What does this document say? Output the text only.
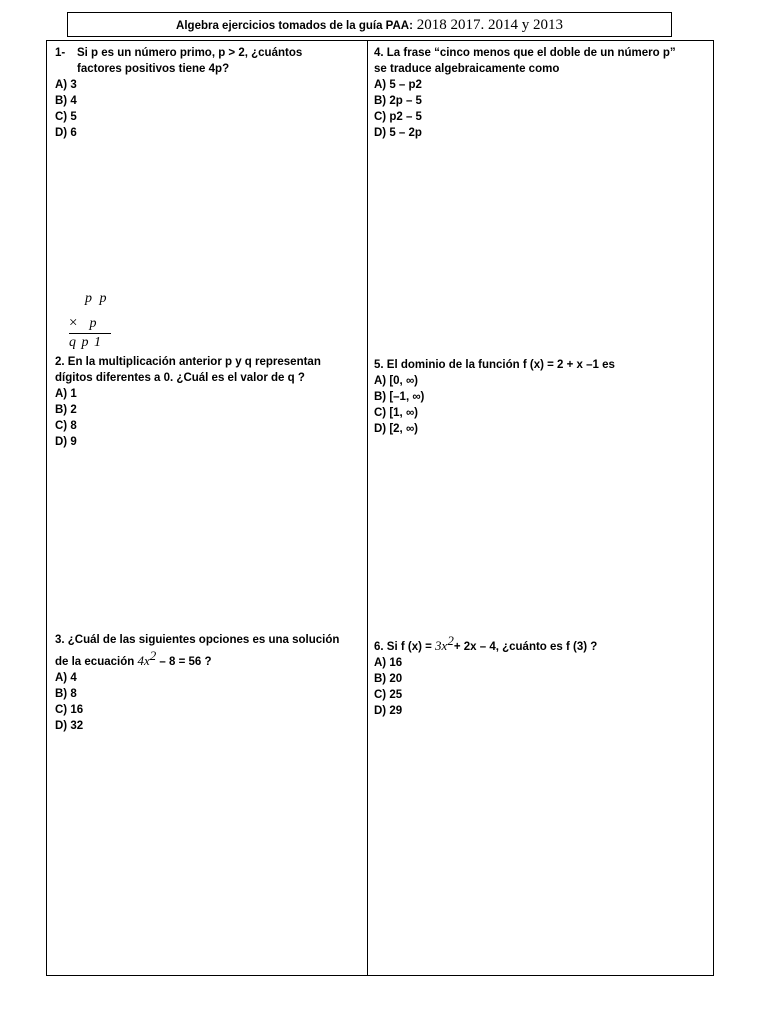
Algebra ejercicios tomados de la guía PAA: 2018 2017. 2014 y 2013
1- Si p es un número primo, p > 2, ¿cuántos
factores positivos tiene 4p?
A) 3
B) 4
C) 5
D) 6
p p
× p
q p 1
2. En la multiplicación anterior p y q representan
dígitos diferentes a 0. ¿Cuál es el valor de q ?
A) 1
B) 2
C) 8
D) 9
3. ¿Cuál de las siguientes opciones es una solución
de la ecuación $4x^2 - 8 = 56$ ?
A) 4
B) 8
C) 16
D) 32
4. La frase “cinco menos que el doble de un número p”
se traduce algebraicamente como
A) 5 – p2
B) 2p – 5
C) p2 – 5
D) 5 – 2p
5. El dominio de la función f (x) = 2 + x –1 es
A) [0, ∞)
B) [–1, ∞)
C) [1, ∞)
D) [2, ∞)
6. Si f $(x) = 3x^2+ 2x - 4$, ¿cuánto es f (3) ?
A) 16
B) 20
C) 25
D) 29
